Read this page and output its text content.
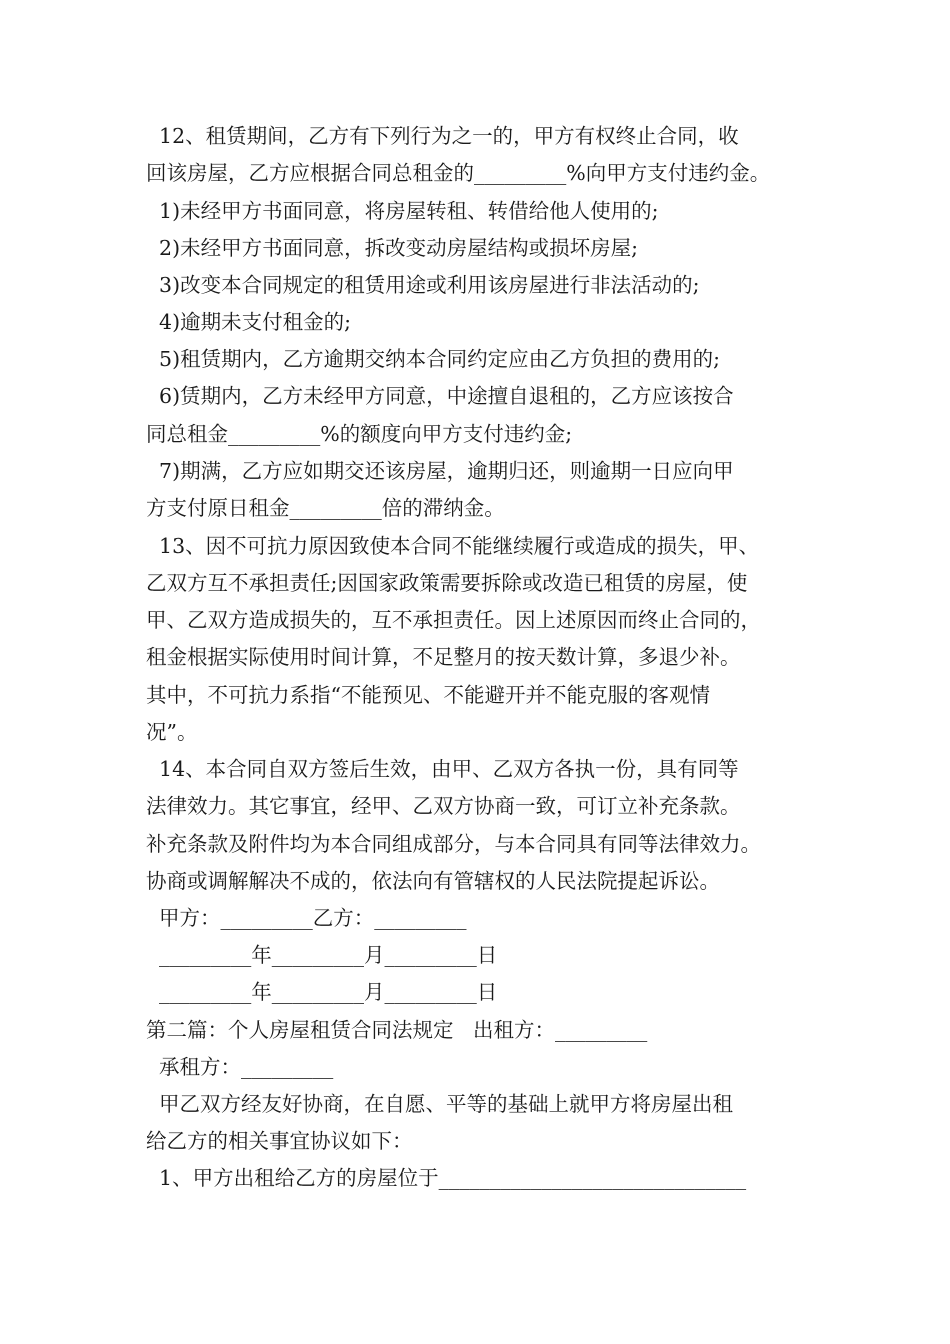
12、租赁期间，乙方有下列行为之一的，甲方有权终止合同，收
回该房屋，乙方应根据合同总租金的_________%向甲方支付违约金。
1)未经甲方书面同意，将房屋转租、转借给他人使用的;
2)未经甲方书面同意，拆改变动房屋结构或损坏房屋;
3)改变本合同规定的租赁用途或利用该房屋进行非法活动的;
4)逾期未支付租金的;
5)租赁期内，乙方逾期交纳本合同约定应由乙方负担的费用的;
6)赁期内，乙方未经甲方同意，中途擅自退租的，乙方应该按合
同总租金_________%的额度向甲方支付违约金;
7)期满，乙方应如期交还该房屋，逾期归还，则逾期一日应向甲
方支付原日租金_________倍的滞纳金。
13、因不可抗力原因致使本合同不能继续履行或造成的损失，甲、
乙双方互不承担责任;因国家政策需要拆除或改造已租赁的房屋，使
甲、乙双方造成损失的，互不承担责任。因上述原因而终止合同的，
租金根据实际使用时间计算，不足整月的按天数计算，多退少补。
其中，不可抗力系指“不能预见、不能避开并不能克服的客观情
况”。
14、本合同自双方签后生效，由甲、乙双方各执一份，具有同等
法律效力。其它事宜，经甲、乙双方协商一致，可订立补充条款。
补充条款及附件均为本合同组成部分，与本合同具有同等法律效力。
协商或调解解决不成的，依法向有管辖权的人民法院提起诉讼。
甲方：_________乙方：_________
_________年_________月_________日
_________年_________月_________日
第二篇：个人房屋租赁合同法规定   出租方：_________
承租方：_________
甲乙双方经友好协商，在自愿、平等的基础上就甲方将房屋出租
给乙方的相关事宜协议如下：
1、甲方出租给乙方的房屋位于______________________________
